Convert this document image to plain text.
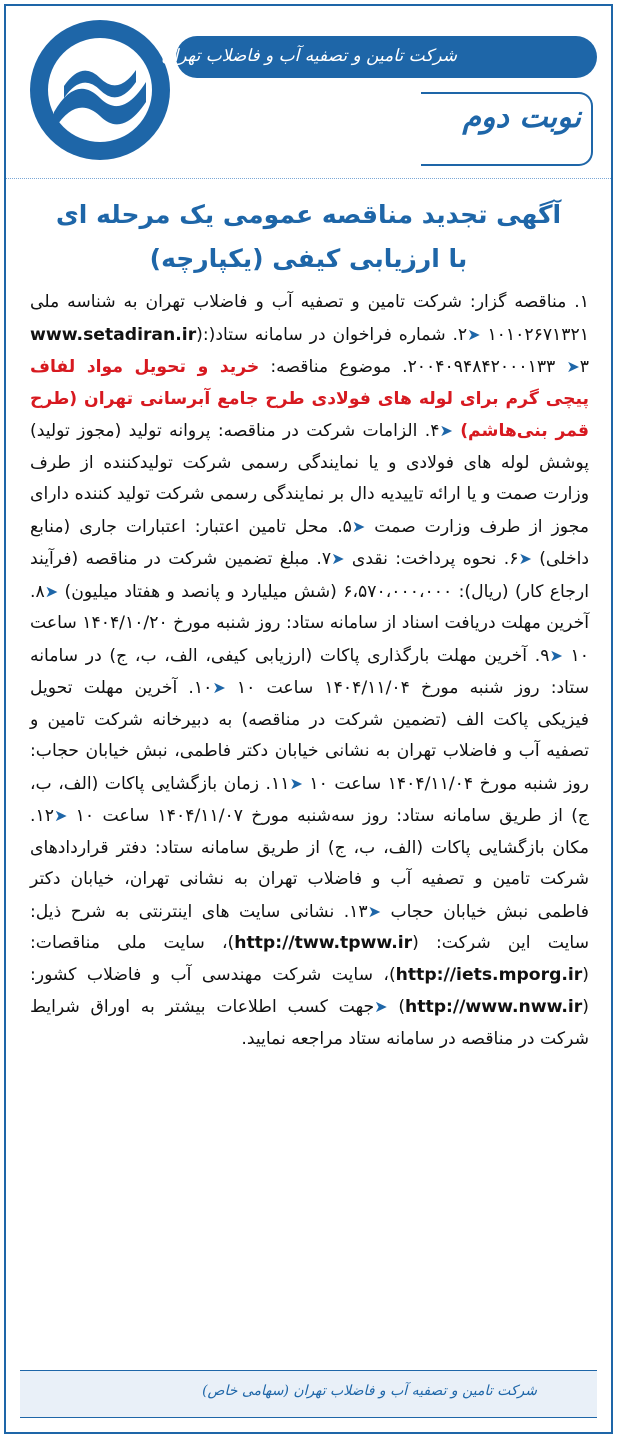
شرکت تامین و تصفیه آب و فاضلاب تهران
نوبت دوم
آگهی تجدید مناقصه عمومی یک مرحله ای
با ارزیابی کیفی (یکپارچه)
۱. مناقصه گزار: شرکت تامین و تصفیه آب و فاضلاب تهران به شناسه ملی ۱۰۱۰۲۶۷۱۳۲۱ ➤۲. شماره فراخوان در سامانه ستاد(www.setadiran.ir): ۲۰۰۴۰۹۴۸۴۲۰۰۰۱۳۳ ➤۳. موضوع مناقصه: خرید و تحویل مواد لفاف پیچی گرم برای لوله های فولادی طرح جامع آبرسانی تهران (طرح قمر بنی‌هاشم) ➤۴. الزامات شرکت در مناقصه: پروانه تولید (مجوز تولید) پوشش لوله های فولادی و یا نمایندگی رسمی شرکت تولیدکننده از طرف وزارت صمت و یا ارائه تاییدیه دال بر نمایندگی رسمی شرکت تولید کننده دارای مجوز از طرف وزارت صمت ➤۵. محل تامین اعتبار: اعتبارات جاری (منابع داخلی) ➤۶. نحوه پرداخت: نقدی ➤۷. مبلغ تضمین شرکت در مناقصه (فرآیند ارجاع کار) (ریال): ۶،۵۷۰،۰۰۰،۰۰۰ (شش میلیارد و پانصد و هفتاد میلیون) ➤۸. آخرین مهلت دریافت اسناد از سامانه ستاد: روز شنبه مورخ ۱۴۰۴/۱۰/۲۰ ساعت ۱۰ ➤۹. آخرین مهلت بارگذاری پاکات (ارزیابی کیفی، الف، ب، ج) در سامانه ستاد: روز شنبه مورخ ۱۴۰۴/۱۱/۰۴ ساعت ۱۰ ➤۱۰. آخرین مهلت تحویل فیزیکی پاکت الف (تضمین شرکت در مناقصه) به دبیرخانه شرکت تامین و تصفیه آب و فاضلاب تهران به نشانی خیابان دکتر فاطمی، نبش خیابان حجاب: روز شنبه مورخ ۱۴۰۴/۱۱/۰۴ ساعت ۱۰ ➤۱۱. زمان بازگشایی پاکات (الف، ب، ج) از طریق سامانه ستاد: روز سه‌شنبه مورخ ۱۴۰۴/۱۱/۰۷ ساعت ۱۰ ➤۱۲. مکان بازگشایی پاکات (الف، ب، ج) از طریق سامانه ستاد: دفتر قراردادهای شرکت تامین و تصفیه آب و فاضلاب تهران به نشانی تهران، خیابان دکتر فاطمی نبش خیابان حجاب ➤۱۳. نشانی سایت های اینترنتی به شرح ذیل: سایت این شرکت: (http://tww.tpww.ir)، سایت ملی مناقصات: (http://iets.mporg.ir)، سایت شرکت مهندسی آب و فاضلاب کشور: (http://www.nww.ir) ➤جهت کسب اطلاعات بیشتر به اوراق شرایط شرکت در مناقصه در سامانه ستاد مراجعه نمایید.
شرکت تامین و تصفیه آب و فاضلاب تهران (سهامی خاص)
